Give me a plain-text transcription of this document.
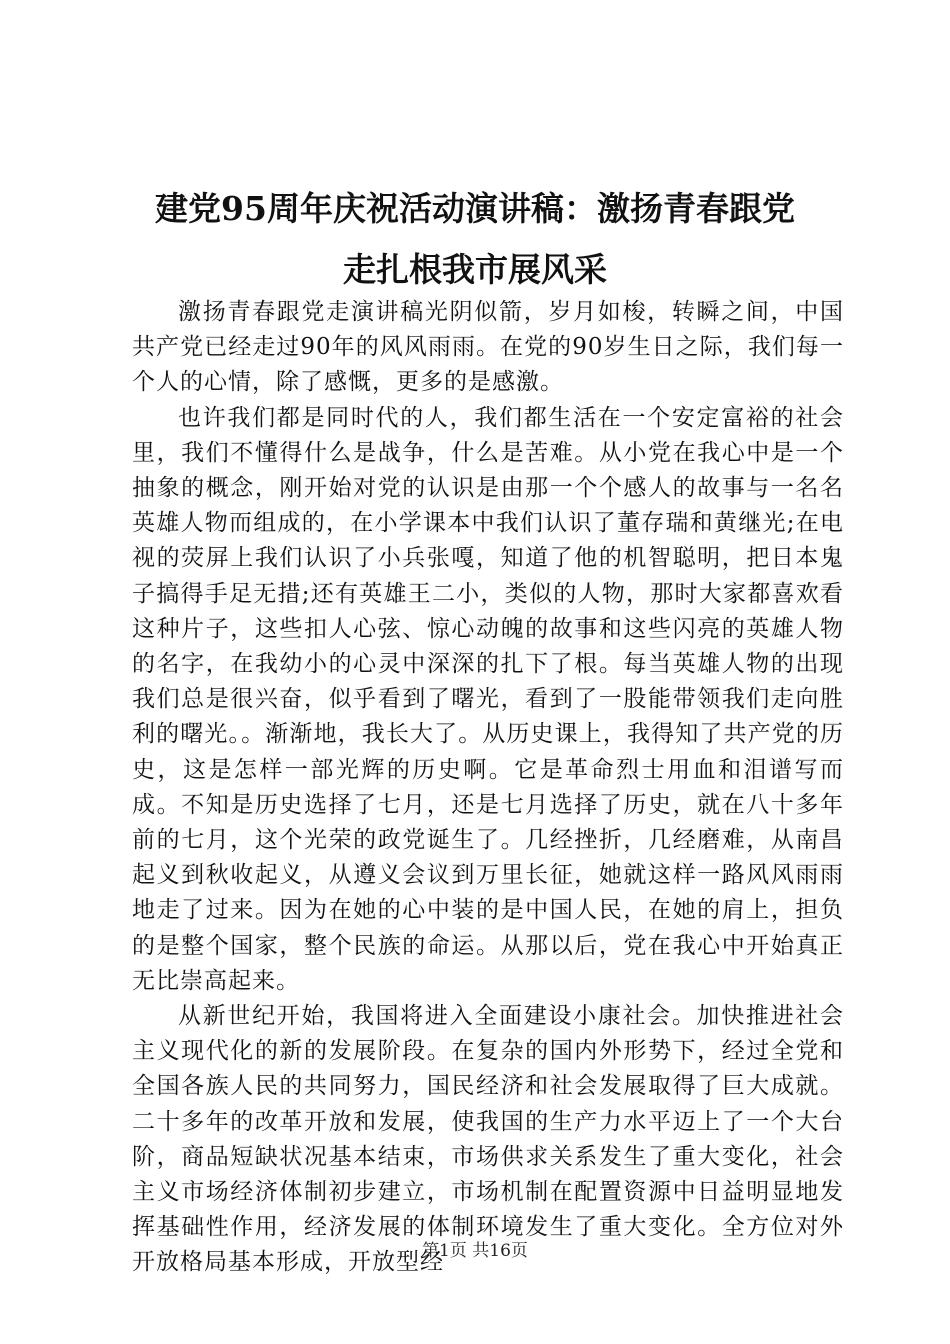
建党95周年庆祝活动演讲稿：激扬青春跟党
走扎根我市展风采

激扬青春跟党走演讲稿光阴似箭，岁月如梭，转瞬之间，中国共产党已经走过90年的风风雨雨。在党的90岁生日之际，我们每一个人的心情，除了感慨，更多的是感激。

也许我们都是同时代的人，我们都生活在一个安定富裕的社会里，我们不懂得什么是战争，什么是苦难。从小党在我心中是一个抽象的概念，刚开始对党的认识是由那一个个感人的故事与一名名英雄人物而组成的，在小学课本中我们认识了董存瑞和黄继光;在电视的荧屏上我们认识了小兵张嘎，知道了他的机智聪明，把日本鬼子搞得手足无措;还有英雄王二小，类似的人物，那时大家都喜欢看这种片子，这些扣人心弦、惊心动魄的故事和这些闪亮的英雄人物的名字，在我幼小的心灵中深深的扎下了根。每当英雄人物的出现我们总是很兴奋，似乎看到了曙光，看到了一股能带领我们走向胜利的曙光。。渐渐地，我长大了。从历史课上，我得知了共产党的历史，这是怎样一部光辉的历史啊。它是革命烈士用血和泪谱写而成。不知是历史选择了七月，还是七月选择了历史，就在八十多年前的七月，这个光荣的政党诞生了。几经挫折，几经磨难，从南昌起义到秋收起义，从遵义会议到万里长征，她就这样一路风风雨雨地走了过来。因为在她的心中装的是中国人民，在她的肩上，担负的是整个国家，整个民族的命运。从那以后，党在我心中开始真正无比崇高起来。

从新世纪开始，我国将进入全面建设小康社会。加快推进社会主义现代化的新的发展阶段。在复杂的国内外形势下，经过全党和全国各族人民的共同努力，国民经济和社会发展取得了巨大成就。二十多年的改革开放和发展，使我国的生产力水平迈上了一个大台阶，商品短缺状况基本结束，市场供求关系发生了重大变化，社会主义市场经济体制初步建立，市场机制在配置资源中日益明显地发挥基础性作用，经济发展的体制环境发生了重大变化。全方位对外开放格局基本形成，开放型经

第1页 共16页
